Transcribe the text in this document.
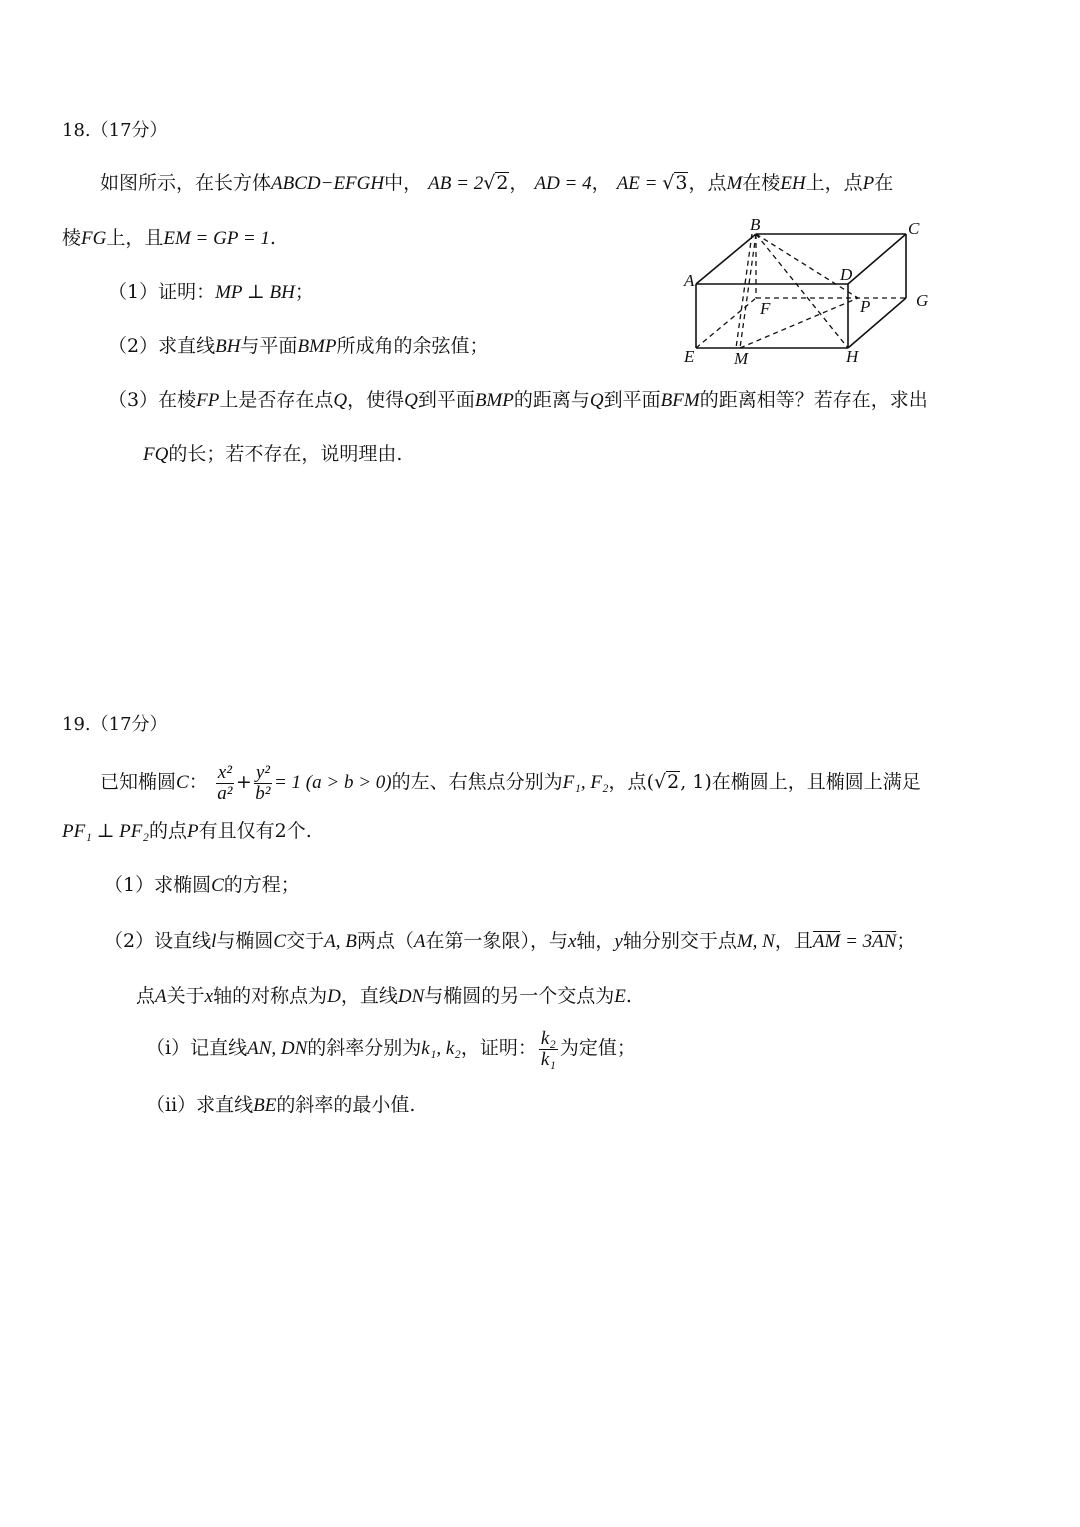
18.（17分）
如图所示，在长方体ABCD−EFGH中， AB = 2√2， AD = 4， AE = √3，点M在棱EH上，点P在
棱FG上，且EM = GP = 1.
（1）证明：MP ⊥ BH；
（2）求直线BH与平面BMP所成角的余弦值；
（3）在棱FP上是否存在点Q，使得Q到平面BMP的距离与Q到平面BFM的距离相等？若存在，求出
FQ的长；若不存在，说明理由.
A
B	C
D
E
F	G
H
M
P
19.（17分）
已知椭圆C： $\frac{\text{x²}}{\text{a²}} + \frac{\text{y²}}{\text{b²}} = 1$ (a > b > 0)的左、右焦点分别为F₁, F₂，点(√2, 1)在椭圆上，且椭圆上满足
PF₁ ⊥ PF₂的点P有且仅有2个.
（1）求椭圆C的方程；
（2）设直线l与椭圆C交于A, B两点（A在第一象限），与x轴，y轴分别交于点M, N，且AM = 3AN；
点A关于x轴的对称点为D，直线DN与椭圆的另一个交点为E.
（i）记直线AN, DN的斜率分别为k₁, k₂，证明： $\frac{\text{k₂}}{\text{k₁}}$ 为定值；
（ii）求直线BE的斜率的最小值.
